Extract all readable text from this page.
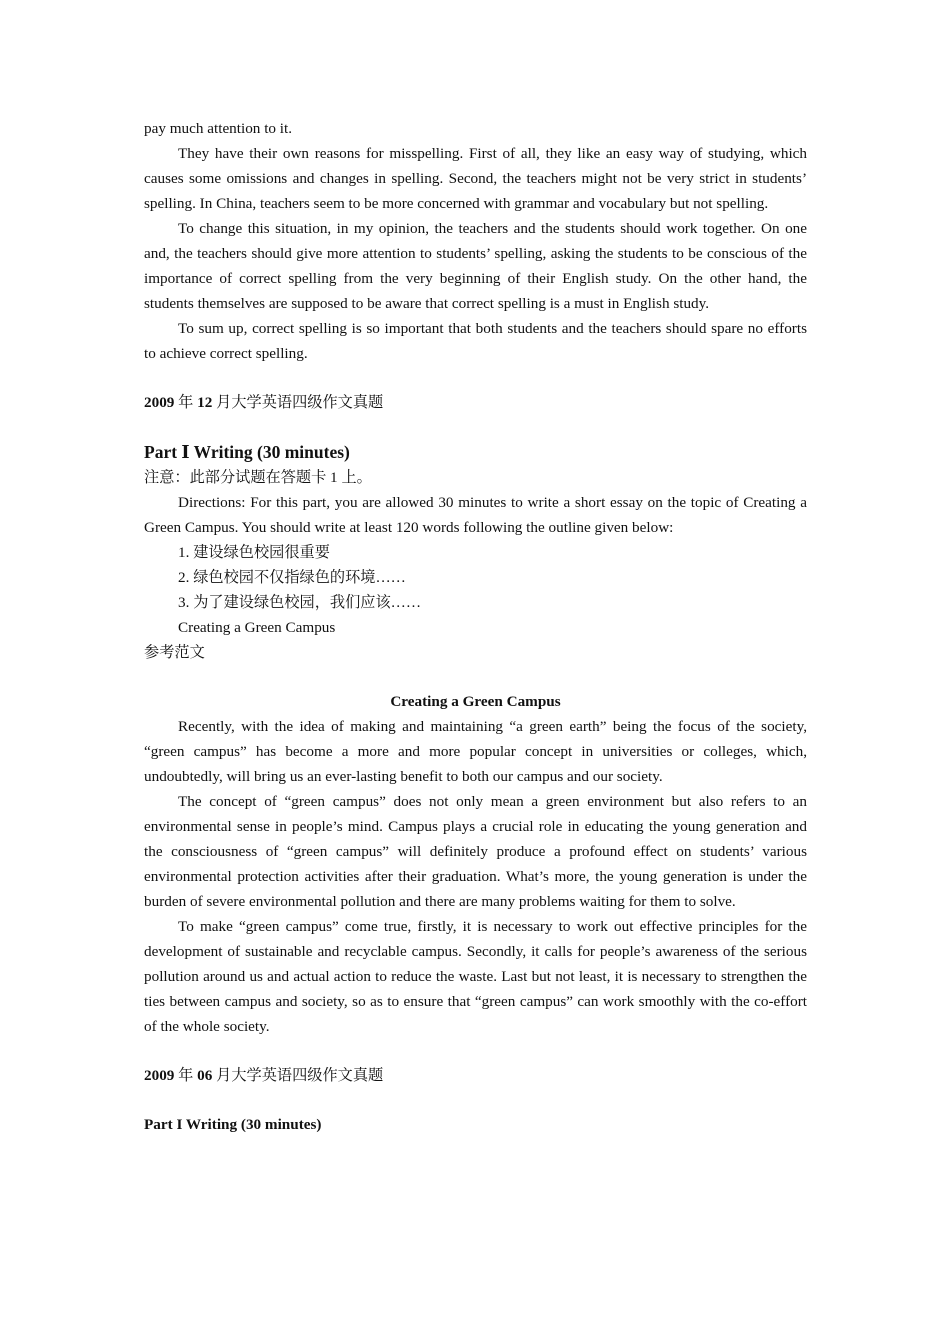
pay much attention to it.

They have their own reasons for misspelling. First of all, they like an easy way of studying, which causes some omissions and changes in spelling. Second, the teachers might not be very strict in students’ spelling. In China, teachers seem to be more concerned with grammar and vocabulary but not spelling.

To change this situation, in my opinion, the teachers and the students should work together. On one and, the teachers should give more attention to students’ spelling, asking the students to be conscious of the importance of correct spelling from the very beginning of their English study. On the other hand, the students themselves are supposed to be aware that correct spelling is a must in English study.

To sum up, correct spelling is so important that both students and the teachers should spare no efforts to achieve correct spelling.

2009 年 12 月大学英语四级作文真题

Part Ⅰ Writing (30 minutes)

注意：此部分试题在答题卡 1 上。

Directions: For this part, you are allowed 30 minutes to write a short essay on the topic of Creating a Green Campus. You should write at least 120 words following the outline given below:

1. 建设绿色校园很重要

2. 绿色校园不仅指绿色的环境……

3. 为了建设绿色校园，我们应该……

Creating a Green Campus

参考范文

Creating a Green Campus

Recently, with the idea of making and maintaining “a green earth” being the focus of the society, “green campus” has become a more and more popular concept in universities or colleges, which, undoubtedly, will bring us an ever-lasting benefit to both our campus and our society.

The concept of “green campus” does not only mean a green environment but also refers to an environmental sense in people’s mind. Campus plays a crucial role in educating the young generation and the consciousness of “green campus” will definitely produce a profound effect on students’ various environmental protection activities after their graduation. What’s more, the young generation is under the burden of severe environmental pollution and there are many problems waiting for them to solve.

To make “green campus” come true, firstly, it is necessary to work out effective principles for the development of sustainable and recyclable campus. Secondly, it calls for people’s awareness of the serious pollution around us and actual action to reduce the waste. Last but not least, it is necessary to strengthen the ties between campus and society, so as to ensure that “green campus” can work smoothly with the co-effort of the whole society.

2009 年 06 月大学英语四级作文真题

Part I Writing (30 minutes)
